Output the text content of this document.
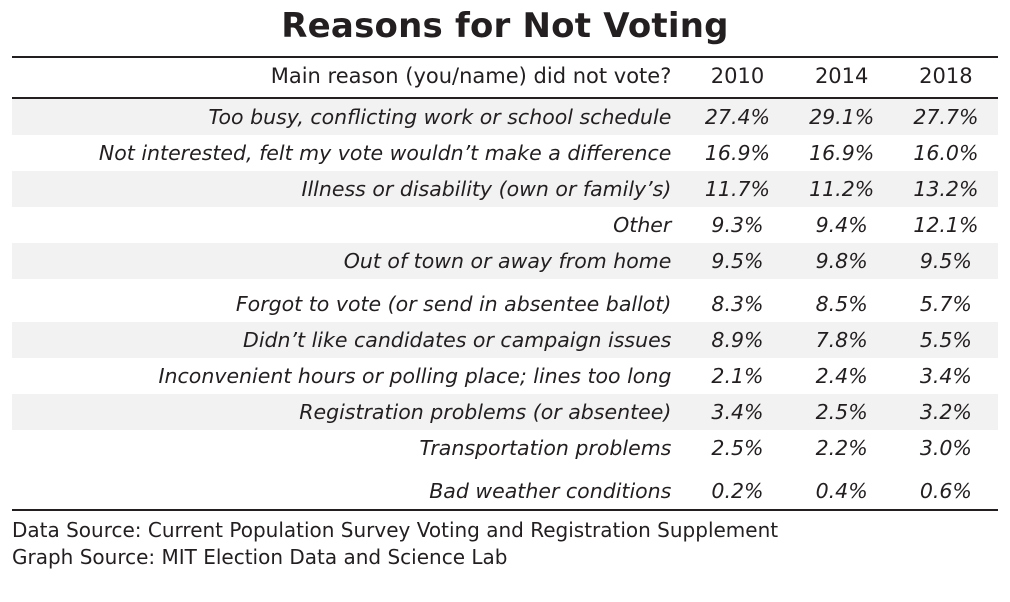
Reasons for Not Voting

Main reason (you/name) did not vote?	2010	2014	2018
Too busy, conflicting work or school schedule	27.4%	29.1%	27.7%
Not interested, felt my vote wouldn’t make a difference	16.9%	16.9%	16.0%
Illness or disability (own or family’s)	11.7%	11.2%	13.2%
Other	9.3%	9.4%	12.1%
Out of town or away from home	9.5%	9.8%	9.5%

Forgot to vote (or send in absentee ballot)	8.3%	8.5%	5.7%
Didn’t like candidates or campaign issues	8.9%	7.8%	5.5%
Inconvenient hours or polling place; lines too long	2.1%	2.4%	3.4%
Registration problems (or absentee)	3.4%	2.5%	3.2%
Transportation problems	2.5%	2.2%	3.0%

Bad weather conditions	0.2%	0.4%	0.6%

Data Source: Current Population Survey Voting and Registration Supplement
Graph Source: MIT Election Data and Science Lab
